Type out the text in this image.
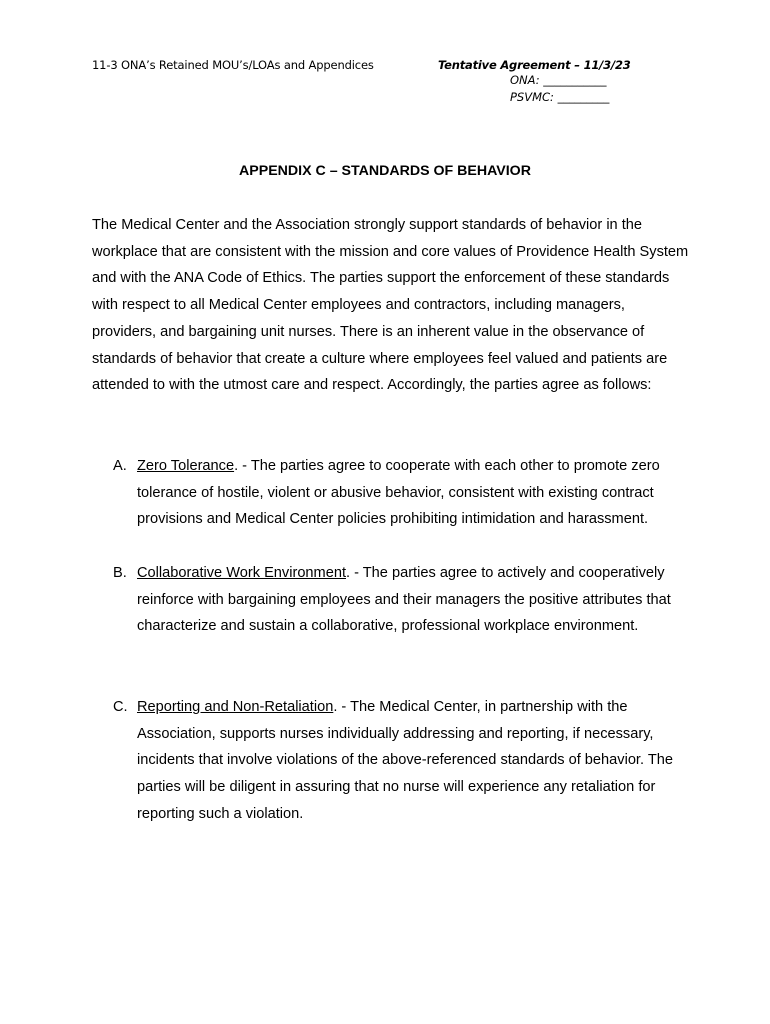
11-3 ONA’s Retained MOU’s/LOAs and Appendices	Tentative Agreement – 11/3/23
ONA: ___________
PSVMC: _________
APPENDIX C – STANDARDS OF BEHAVIOR
The Medical Center and the Association strongly support standards of behavior in the workplace that are consistent with the mission and core values of Providence Health System and with the ANA Code of Ethics. The parties support the enforcement of these standards with respect to all Medical Center employees and contractors, including managers, providers, and bargaining unit nurses. There is an inherent value in the observance of standards of behavior that create a culture where employees feel valued and patients are attended to with the utmost care and respect. Accordingly, the parties agree as follows:
A. Zero Tolerance. - The parties agree to cooperate with each other to promote zero tolerance of hostile, violent or abusive behavior, consistent with existing contract provisions and Medical Center policies prohibiting intimidation and harassment.
B. Collaborative Work Environment. - The parties agree to actively and cooperatively reinforce with bargaining employees and their managers the positive attributes that characterize and sustain a collaborative, professional workplace environment.
C. Reporting and Non-Retaliation. - The Medical Center, in partnership with the Association, supports nurses individually addressing and reporting, if necessary, incidents that involve violations of the above-referenced standards of behavior. The parties will be diligent in assuring that no nurse will experience any retaliation for reporting such a violation.
